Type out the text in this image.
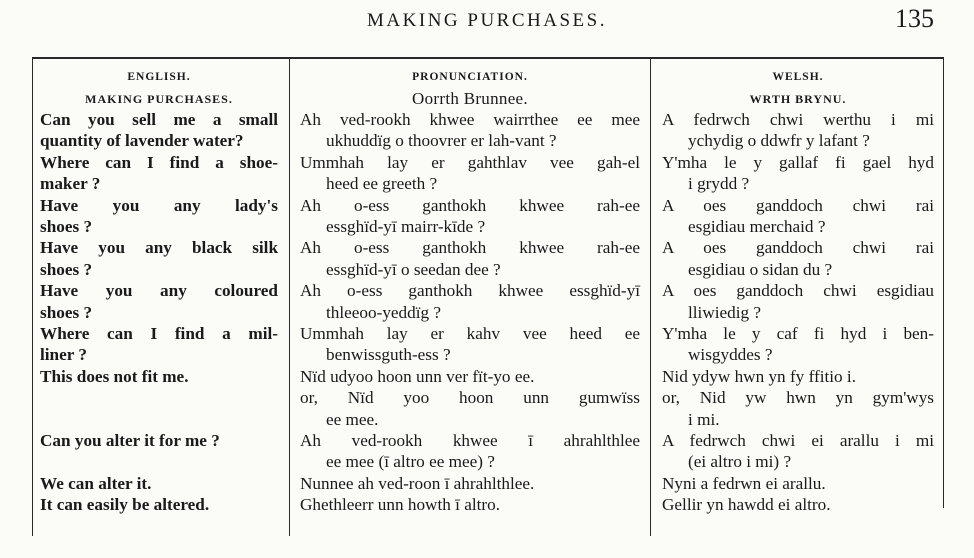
MAKING PURCHASES.	135
ENGLISH.
MAKING PURCHASES.
Can you sell me a small
quantity of lavender water?
Where can I find a shoe-
maker ?
Have you any lady's
shoes ?
Have you any black silk
shoes ?
Have you any coloured
shoes ?
Where can I find a mil-
liner ?
This does not fit me.
Can you alter it for me ?
We can alter it.
It can easily be altered.
PRONUNCIATION.
Oorrth Brunnee.
Ah ved-rookh khwee wairrthee ee mee
ukhuddïg o thoovrer er lah-vant ?
Ummhah lay er gahthlav vee gah-el
heed ee greeth ?
Ah o-ess ganthokh khwee rah-ee
essghïd-yī mairr-kīde ?
Ah o-ess ganthokh khwee rah-ee
essghïd-yī o seedan dee ?
Ah o-ess ganthokh khwee essghïd-yī
thleeoo-yeddïg ?
Ummhah lay er kahv vee heed ee
benwissguth-ess ?
Nïd udyoo hoon unn ver fït-yo ee.
or, Nïd yoo hoon unn gumwïss
ee mee.
Ah ved-rookh khwee ī ahrahlthlee
ee mee (ī altro ee mee) ?
Nunnee ah ved-roon ī ahrahlthlee.
Ghethleerr unn howth ī altro.
WELSH.
WRTH BRYNU.
A fedrwch chwi werthu i mi
ychydig o ddwfr y lafant ?
Y'mha le y gallaf fi gael hyd
i grydd ?
A oes ganddoch chwi rai
esgidiau merchaid ?
A oes ganddoch chwi rai
esgidiau o sidan du ?
A oes ganddoch chwi esgidiau
lliwiedig ?
Y'mha le y caf fi hyd i ben-
wisgyddes ?
Nid ydyw hwn yn fy ffitio i.
or, Nid yw hwn yn gym'wys
i mi.
A fedrwch chwi ei arallu i mi
(ei altro i mi) ?
Nyni a fedrwn ei arallu.
Gellir yn hawdd ei altro.
